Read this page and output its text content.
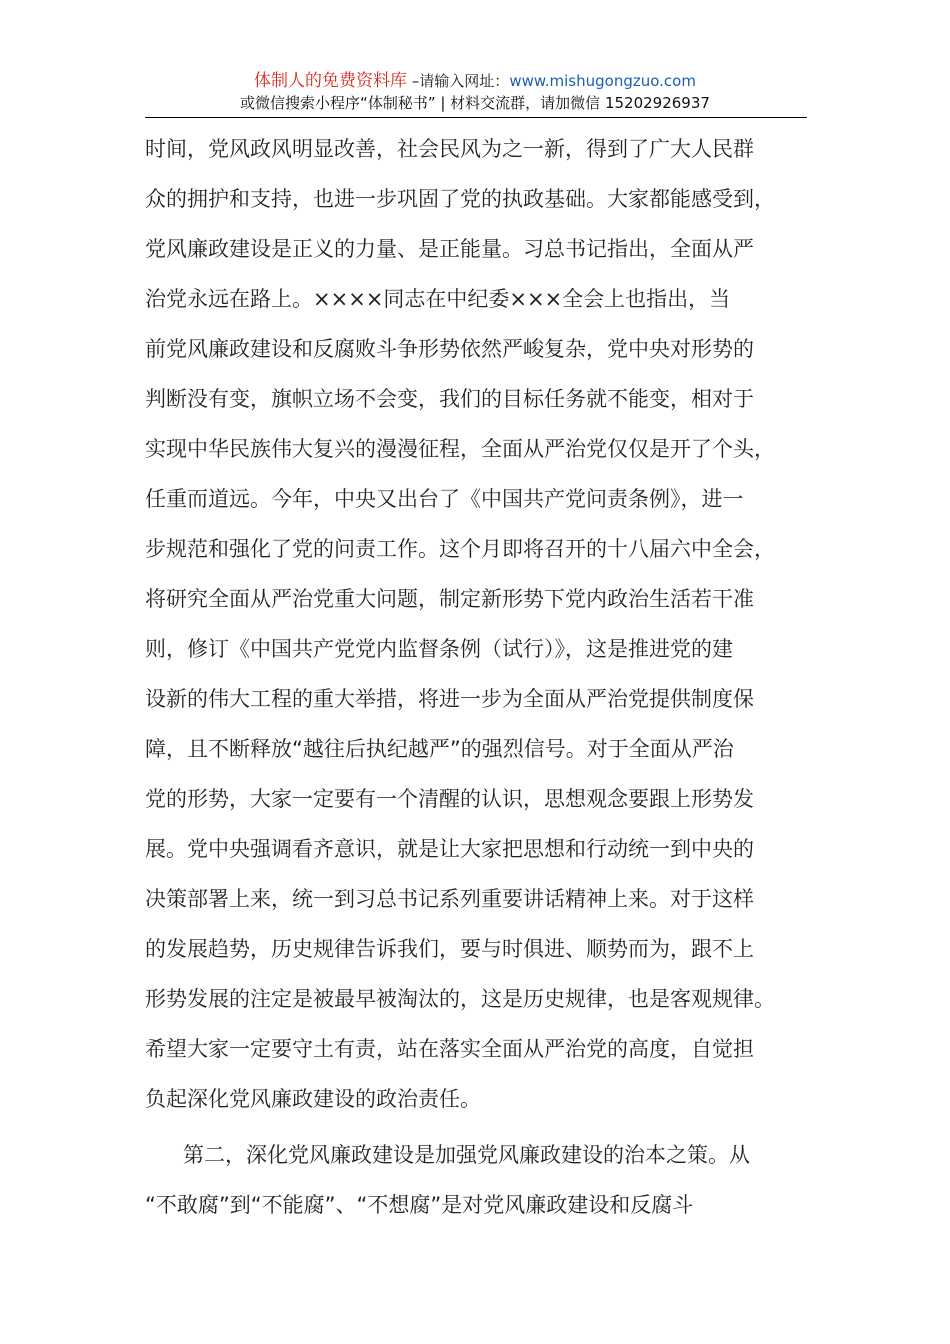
体制人的免费资料库 –请输入网址：www.mishugongzuo.com
或微信搜索小程序“体制秘书” | 材料交流群，请加微信 15202926937
时间，党风政风明显改善，社会民风为之一新，得到了广大人民群
众的拥护和支持，也进一步巩固了党的执政基础。大家都能感受到，
党风廉政建设是正义的力量、是正能量。习总书记指出，全面从严
治党永远在路上。××××同志在中纪委×××全会上也指出，当
前党风廉政建设和反腐败斗争形势依然严峻复杂，党中央对形势的
判断没有变，旗帜立场不会变，我们的目标任务就不能变，相对于
实现中华民族伟大复兴的漫漫征程，全面从严治党仅仅是开了个头，
任重而道远。今年，中央又出台了《中国共产党问责条例》，进一
步规范和强化了党的问责工作。这个月即将召开的十八届六中全会，
将研究全面从严治党重大问题，制定新形势下党内政治生活若干准
则，修订《中国共产党党内监督条例（试行）》，这是推进党的建
设新的伟大工程的重大举措，将进一步为全面从严治党提供制度保
障，且不断释放“越往后执纪越严”的强烈信号。对于全面从严治
党的形势，大家一定要有一个清醒的认识，思想观念要跟上形势发
展。党中央强调看齐意识，就是让大家把思想和行动统一到中央的
决策部署上来，统一到习总书记系列重要讲话精神上来。对于这样
的发展趋势，历史规律告诉我们，要与时俱进、顺势而为，跟不上
形势发展的注定是被最早被淘汰的，这是历史规律，也是客观规律。
希望大家一定要守土有责，站在落实全面从严治党的高度，自觉担
负起深化党风廉政建设的政治责任。
第二，深化党风廉政建设是加强党风廉政建设的治本之策。从
“不敢腐”到“不能腐”、“不想腐”是对党风廉政建设和反腐斗
